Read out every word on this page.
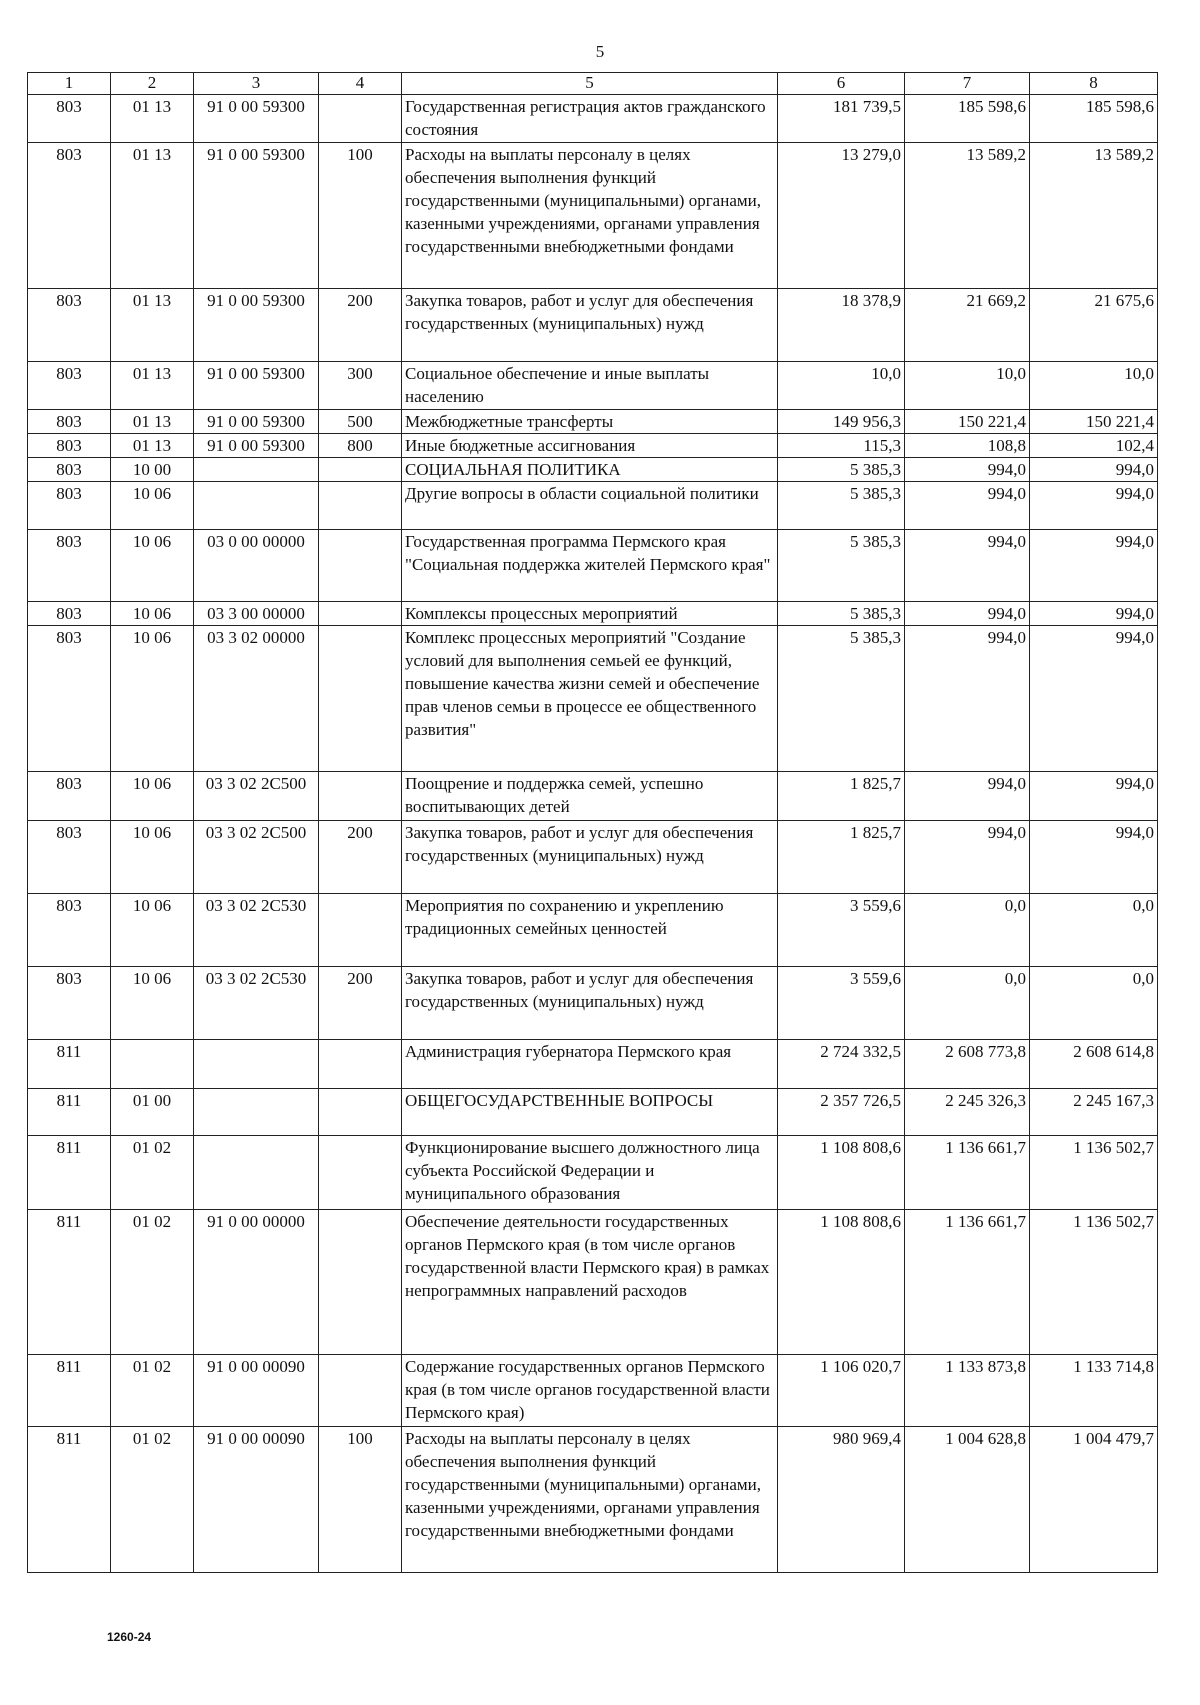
5
1	2	3	4	5	6	7	8
803	01 13	91 0 00 59300		Государственная регистрация актов гражданского состояния	181 739,5	185 598,6	185 598,6
803	01 13	91 0 00 59300	100	Расходы на выплаты персоналу в целях обеспечения выполнения функций государственными (муниципальными) органами, казенными учреждениями, органами управления государственными внебюджетными фондами	13 279,0	13 589,2	13 589,2
803	01 13	91 0 00 59300	200	Закупка товаров, работ и услуг для обеспечения государственных (муниципальных) нужд	18 378,9	21 669,2	21 675,6
803	01 13	91 0 00 59300	300	Социальное обеспечение и иные выплаты населению	10,0	10,0	10,0
803	01 13	91 0 00 59300	500	Межбюджетные трансферты	149 956,3	150 221,4	150 221,4
803	01 13	91 0 00 59300	800	Иные бюджетные ассигнования	115,3	108,8	102,4
803	10 00			СОЦИАЛЬНАЯ ПОЛИТИКА	5 385,3	994,0	994,0
803	10 06			Другие вопросы в области социальной политики	5 385,3	994,0	994,0
803	10 06	03 0 00 00000		Государственная программа Пермского края "Социальная поддержка жителей Пермского края"	5 385,3	994,0	994,0
803	10 06	03 3 00 00000		Комплексы процессных мероприятий	5 385,3	994,0	994,0
803	10 06	03 3 02 00000		Комплекс процессных мероприятий "Создание условий для выполнения семьей ее функций, повышение качества жизни семей и обеспечение прав членов семьи в процессе ее общественного развития"	5 385,3	994,0	994,0
803	10 06	03 3 02 2C500		Поощрение и поддержка семей, успешно воспитывающих детей	1 825,7	994,0	994,0
803	10 06	03 3 02 2C500	200	Закупка товаров, работ и услуг для обеспечения государственных (муниципальных) нужд	1 825,7	994,0	994,0
803	10 06	03 3 02 2C530		Мероприятия по сохранению и укреплению традиционных семейных ценностей	3 559,6	0,0	0,0
803	10 06	03 3 02 2C530	200	Закупка товаров, работ и услуг для обеспечения государственных (муниципальных) нужд	3 559,6	0,0	0,0
811				Администрация губернатора Пермского края	2 724 332,5	2 608 773,8	2 608 614,8
811	01 00			ОБЩЕГОСУДАРСТВЕННЫЕ ВОПРОСЫ	2 357 726,5	2 245 326,3	2 245 167,3
811	01 02			Функционирование высшего должностного лица субъекта Российской Федерации и муниципального образования	1 108 808,6	1 136 661,7	1 136 502,7
811	01 02	91 0 00 00000		Обеспечение деятельности государственных органов Пермского края (в том числе органов государственной власти Пермского края) в рамках непрограммных направлений расходов	1 108 808,6	1 136 661,7	1 136 502,7
811	01 02	91 0 00 00090		Содержание государственных органов Пермского края (в том числе органов государственной власти Пермского края)	1 106 020,7	1 133 873,8	1 133 714,8
811	01 02	91 0 00 00090	100	Расходы на выплаты персоналу в целях обеспечения выполнения функций государственными (муниципальными) органами, казенными учреждениями, органами управления государственными внебюджетными фондами	980 969,4	1 004 628,8	1 004 479,7
1260-24
